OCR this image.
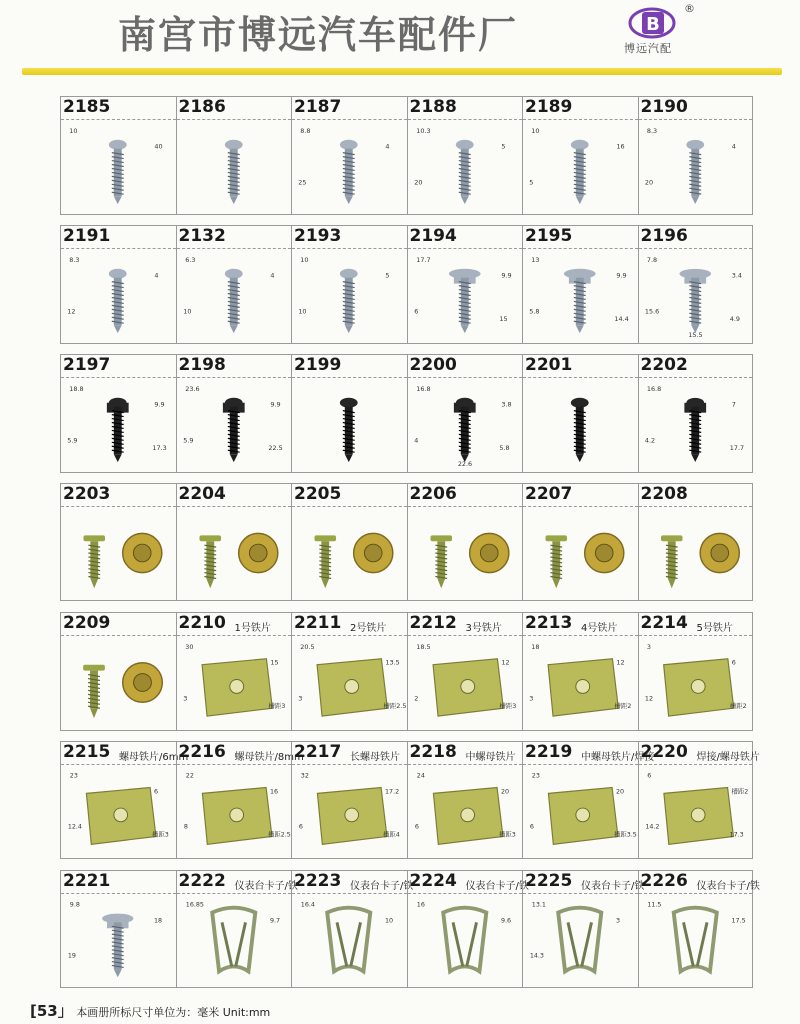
南宫市博远汽车配件厂	B
®
博远汽配
2185
10
40
2186	2187
8.8
4
25
2188
10.3
5
20
2189
10
16
5
2190
8.3
4
20
2191
8.3
4
12
2132
6.3
4
10
2193
10
5
10
2194
17.7
9.9
6
15
2195
13
9.9
5.8
14.4
2196
7.8
3.4
15.6
4.9
15.5
2197
18.8
9.9
5.9
17.3
2198
23.6
9.9
5.9
22.5
2199	2200
16.8
3.8
4
5.8
22.6
2201	2202
16.8
7
4.2
17.7
2203	2204	2205	2206	2207	2208
2209	2210 1号铁片
30
15
3
槽距3
2211 2号铁片
20.5
13.5
3
槽距2.5
2212 3号铁片
18.5
12
2
槽距3
2213 4号铁片
18
12
3
槽距2
2214 5号铁片
3
6
12
槽距2
2215 螺母铁片/6mm
23
6
12.4
槽距3
2216 螺母铁片/8mm
22
16
8
槽距2.5
2217 长螺母铁片
32
17.2
6
槽距4
2218 中螺母铁片
24
20
6
槽距3
2219 中螺母铁片/焊接
23
20
6
槽距3.5
2220 焊接/螺母铁片
6
槽距2
14.2
17.3
2221
9.8
18
19
2222 仪表台卡子/铁
16.85
9.7
2223 仪表台卡子/铁
16.4
10
2224 仪表台卡子/铁
16
9.6
2225 仪表台卡子/铁
13.1
3
14.3
2226 仪表台卡子/铁
11.5
17.5
[53」 本画册所标尺寸单位为：毫米 Unit:mm
